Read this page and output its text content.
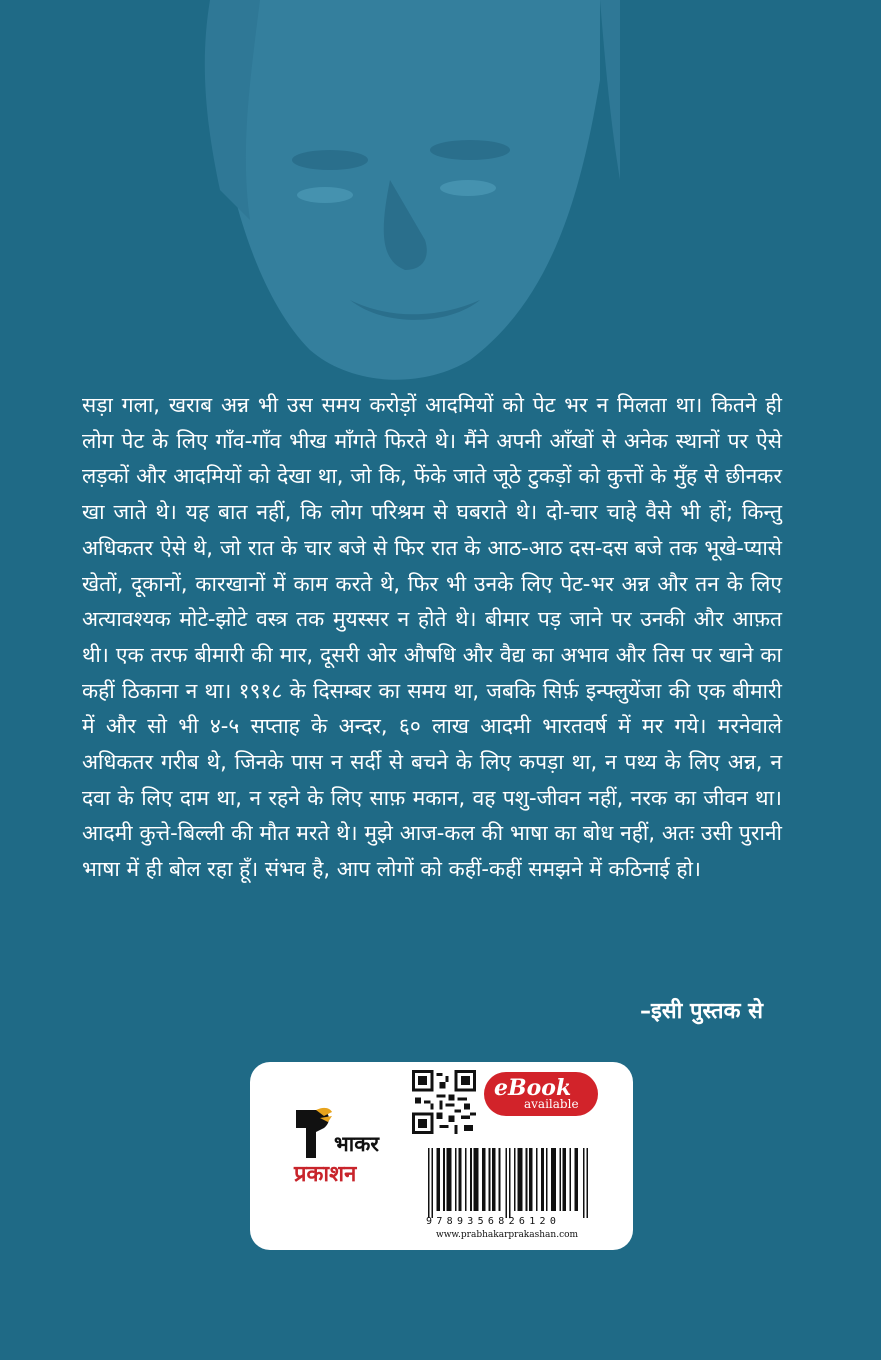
सड़ा गला, खराब अन्न भी उस समय करोड़ों आदमियों को पेट भर न मिलता था। कितने ही लोग पेट के लिए गाँव-गाँव भीख माँगते फिरते थे। मैंने अपनी आँखों से अनेक स्थानों पर ऐसे लड़कों और आदमियों को देखा था, जो कि, फेंके जाते जूठे टुकड़ों को कुत्तों के मुँह से छीनकर खा जाते थे। यह बात नहीं, कि लोग परिश्रम से घबराते थे। दो-चार चाहे वैसे भी हों; किन्तु अधिकतर ऐसे थे, जो रात के चार बजे से फिर रात के आठ-आठ दस-दस बजे तक भूखे-प्यासे खेतों, दूकानों, कारखानों में काम करते थे, फिर भी उनके लिए पेट-भर अन्न और तन के लिए अत्यावश्यक मोटे-झोटे वस्त्र तक मुयस्सर न होते थे। बीमार पड़ जाने पर उनकी और आफ़त थी। एक तरफ बीमारी की मार, दूसरी ओर औषधि और वैद्य का अभाव और तिस पर खाने का कहीं ठिकाना न था। १९१८ के दिसम्बर का समय था, जबकि सिर्फ़ इन्फ्लुयेंजा की एक बीमारी में और सो भी ४-५ सप्ताह के अन्दर, ६० लाख आदमी भारतवर्ष में मर गये। मरनेवाले अधिकतर गरीब थे, जिनके पास न सर्दी से बचने के लिए कपड़ा था, न पथ्य के लिए अन्न, न दवा के लिए दाम था, न रहने के लिए साफ़ मकान, वह पशु-जीवन नहीं, नरक का जीवन था। आदमी कुत्ते-बिल्ली की मौत मरते थे। मुझे आज-कल की भाषा का बोध नहीं, अतः उसी पुरानी भाषा में ही बोल रहा हूँ। संभव है, आप लोगों को कहीं-कहीं समझने में कठिनाई हो।

–इसी पुस्तक से
भाकर
प्रकाशन
eBook
available
9789356826120
www.prabhakarprakashan.com
